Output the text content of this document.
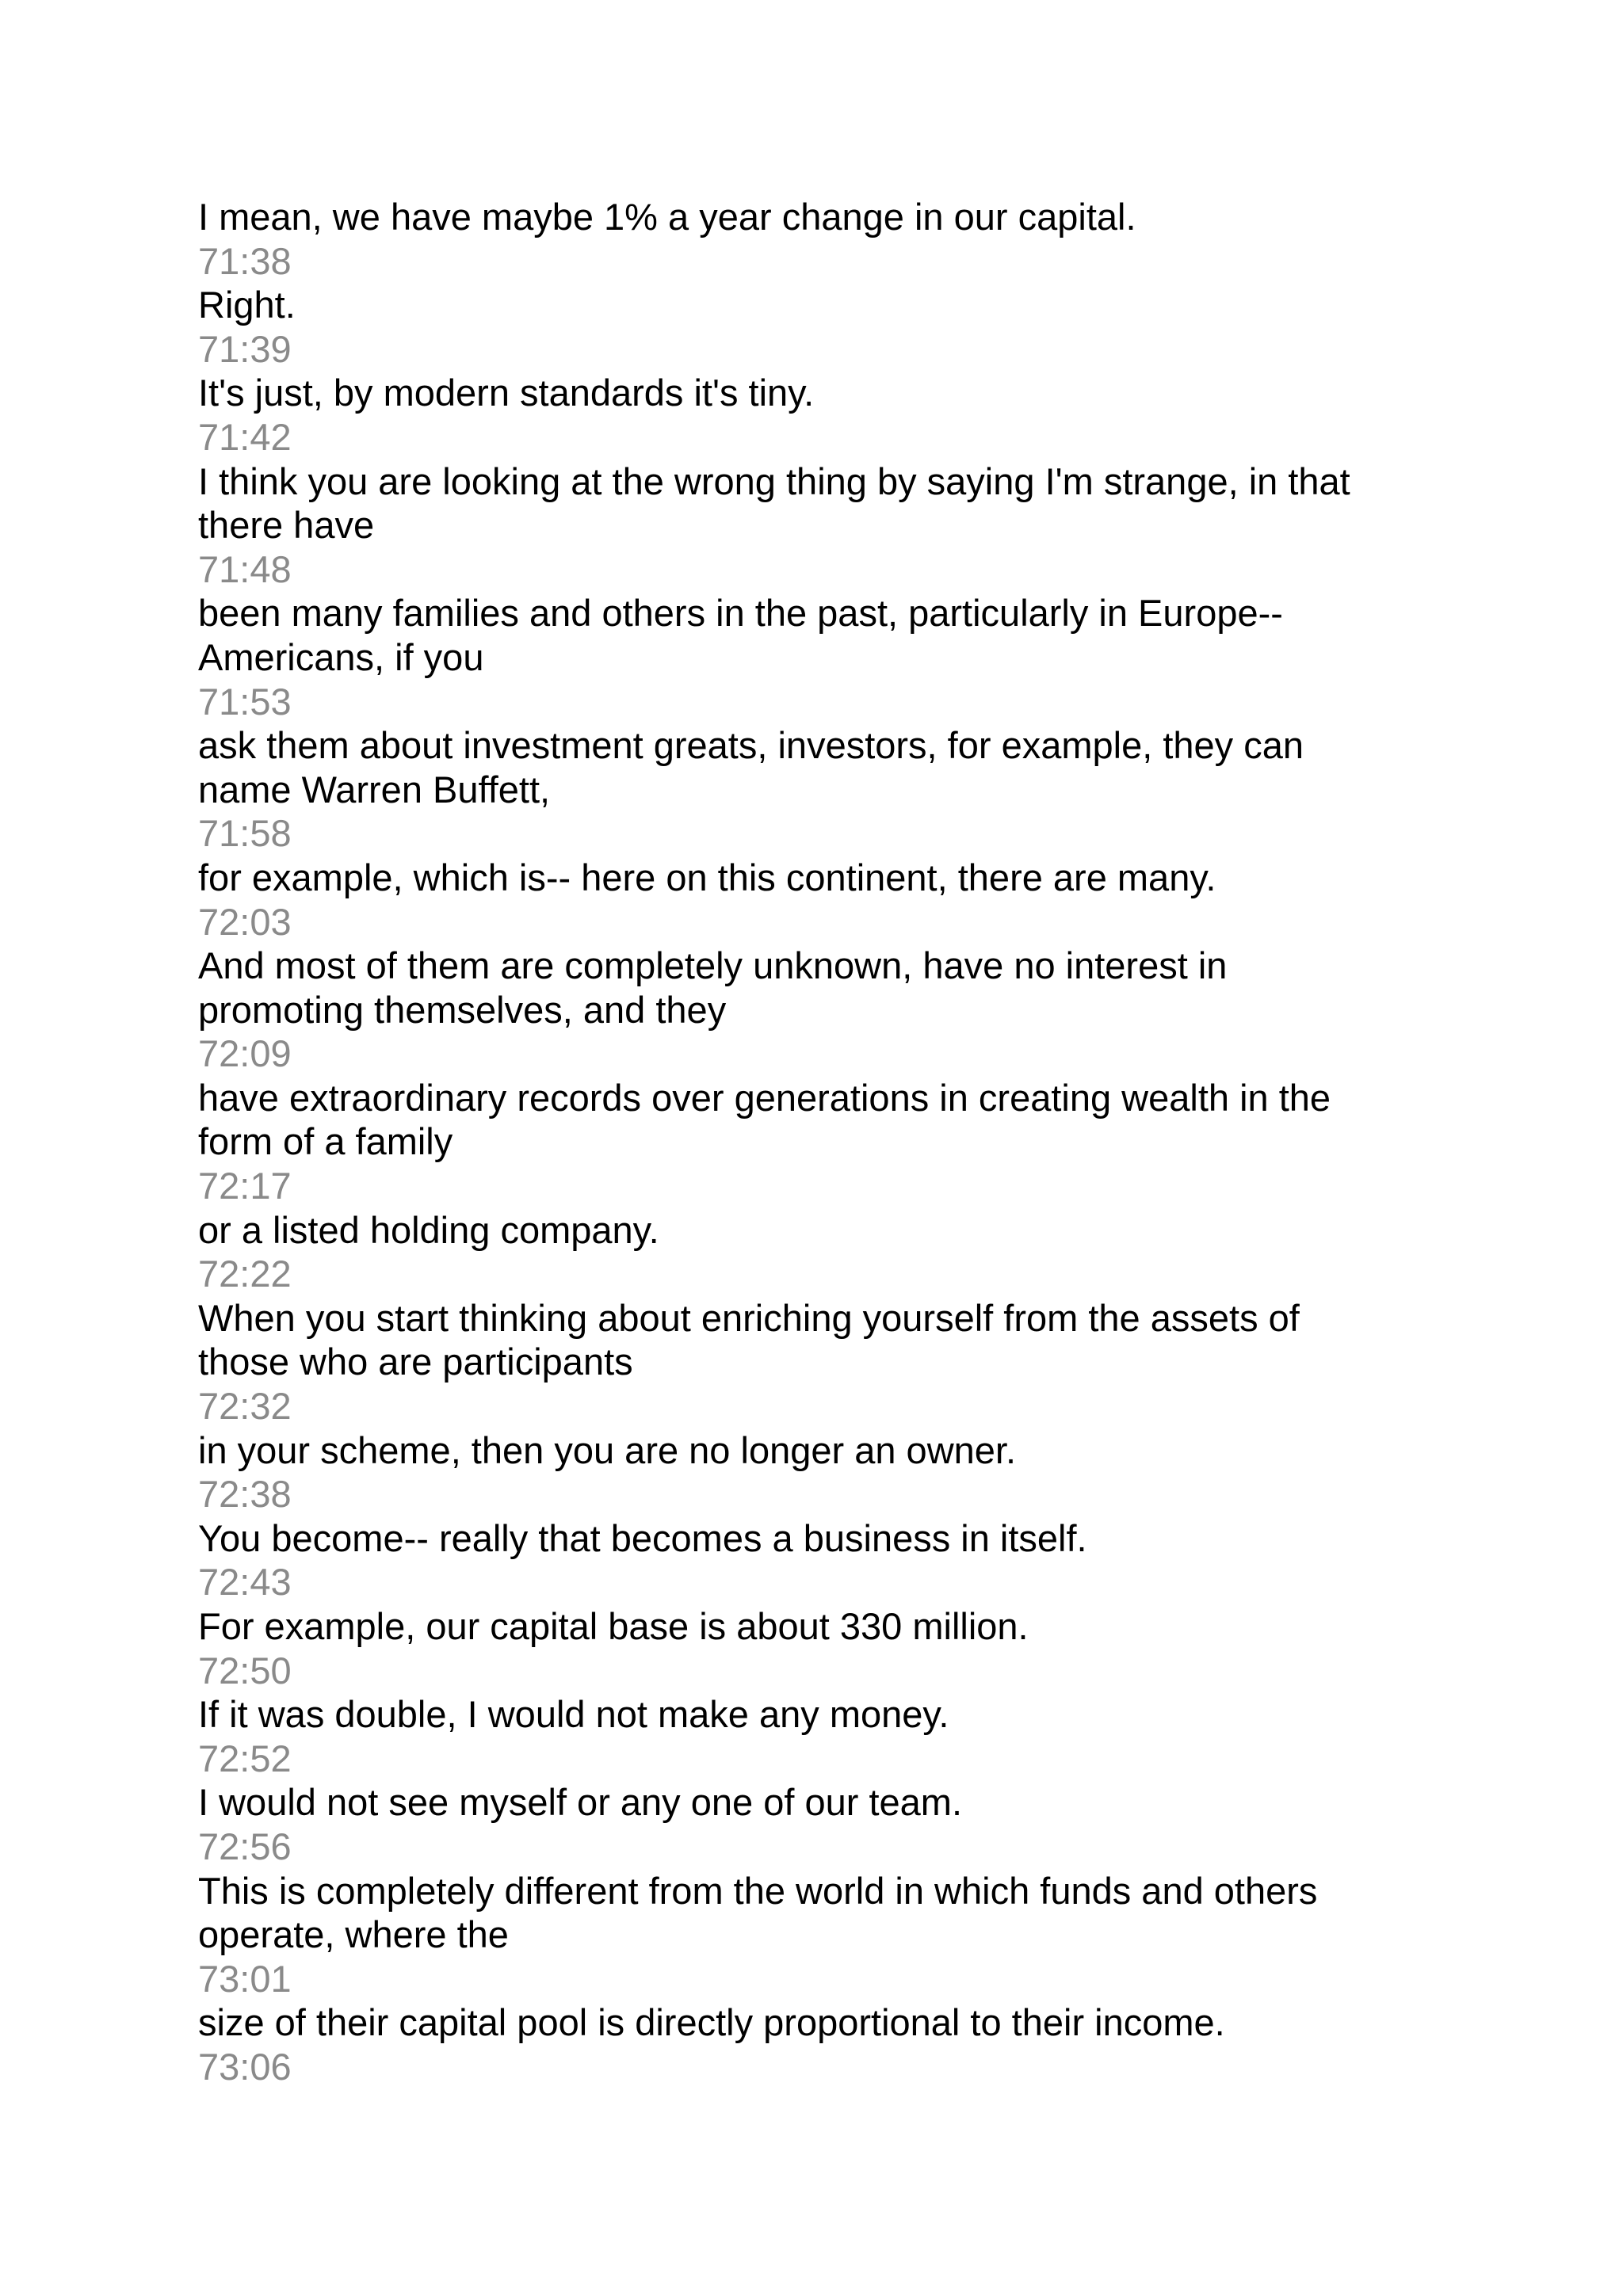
I mean, we have maybe 1% a year change in our capital.
71:38
Right.
71:39
It's just, by modern standards it's tiny.
71:42
I think you are looking at the wrong thing by saying I'm strange, in that
there have
71:48
been many families and others in the past, particularly in Europe--
Americans, if you
71:53
ask them about investment greats, investors, for example, they can
name Warren Buffett,
71:58
for example, which is-- here on this continent, there are many.
72:03
And most of them are completely unknown, have no interest in
promoting themselves, and they
72:09
have extraordinary records over generations in creating wealth in the
form of a family
72:17
or a listed holding company.
72:22
When you start thinking about enriching yourself from the assets of
those who are participants
72:32
in your scheme, then you are no longer an owner.
72:38
You become-- really that becomes a business in itself.
72:43
For example, our capital base is about 330 million.
72:50
If it was double, I would not make any money.
72:52
I would not see myself or any one of our team.
72:56
This is completely different from the world in which funds and others
operate, where the
73:01
size of their capital pool is directly proportional to their income.
73:06
